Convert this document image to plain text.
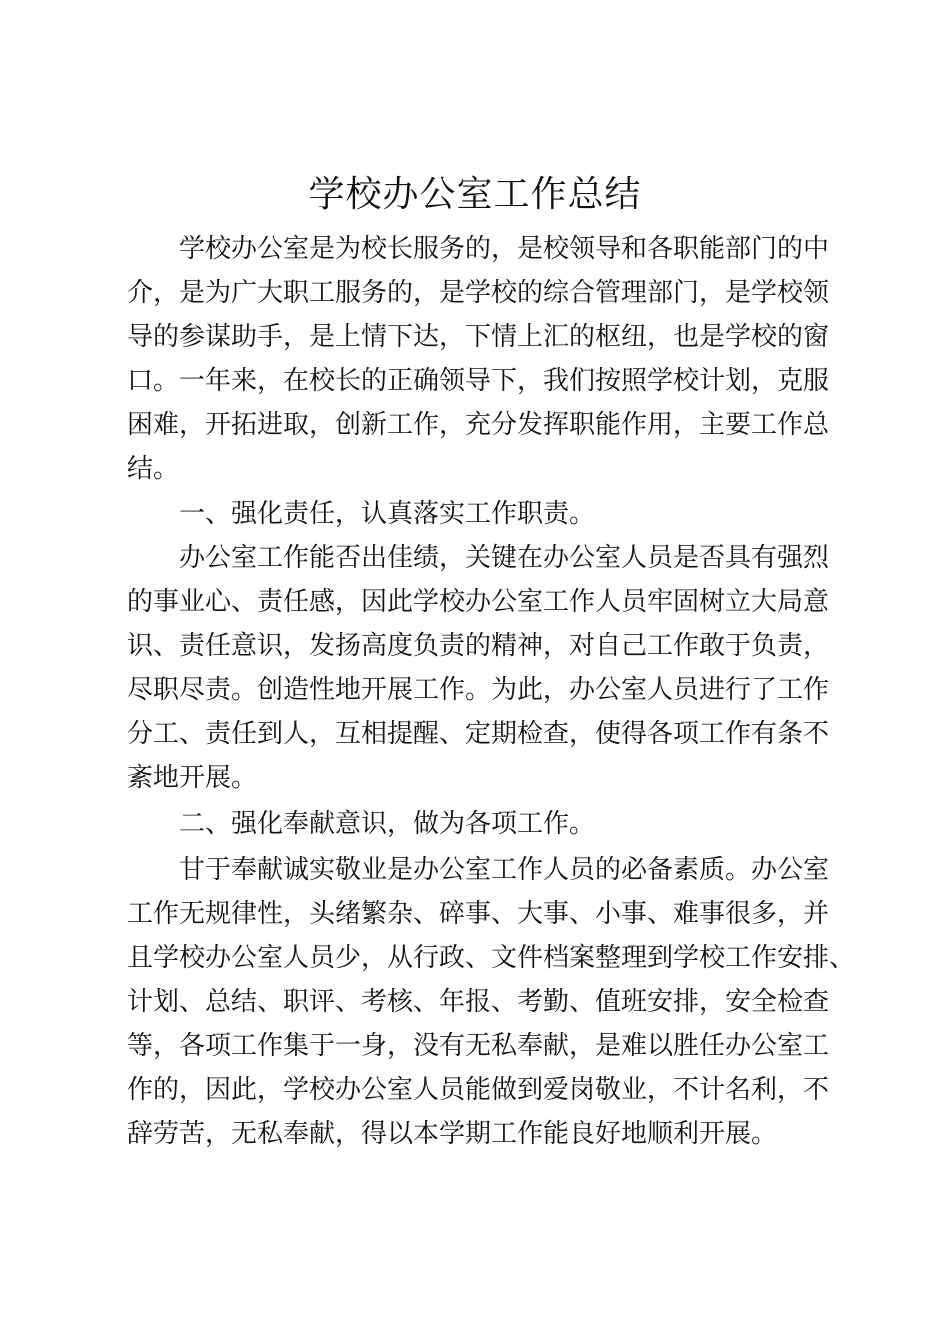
学校办公室工作总结

学校办公室是为校长服务的，是校领导和各职能部门的中

介，是为广大职工服务的，是学校的综合管理部门，是学校领

导的参谋助手，是上情下达，下情上汇的枢纽，也是学校的窗

口。一年来，在校长的正确领导下，我们按照学校计划，克服

困难，开拓进取，创新工作，充分发挥职能作用，主要工作总

结。

一、强化责任，认真落实工作职责。

办公室工作能否出佳绩，关键在办公室人员是否具有强烈

的事业心、责任感，因此学校办公室工作人员牢固树立大局意

识、责任意识，发扬高度负责的精神，对自己工作敢于负责，

尽职尽责。创造性地开展工作。为此，办公室人员进行了工作

分工、责任到人，互相提醒、定期检查，使得各项工作有条不

紊地开展。

二、强化奉献意识，做为各项工作。

甘于奉献诚实敬业是办公室工作人员的必备素质。办公室

工作无规律性，头绪繁杂、碎事、大事、小事、难事很多，并

且学校办公室人员少，从行政、文件档案整理到学校工作安排、

计划、总结、职评、考核、年报、考勤、值班安排，安全检查

等，各项工作集于一身，没有无私奉献，是难以胜任办公室工

作的，因此，学校办公室人员能做到爱岗敬业，不计名利，不

辞劳苦，无私奉献，得以本学期工作能良好地顺利开展。
